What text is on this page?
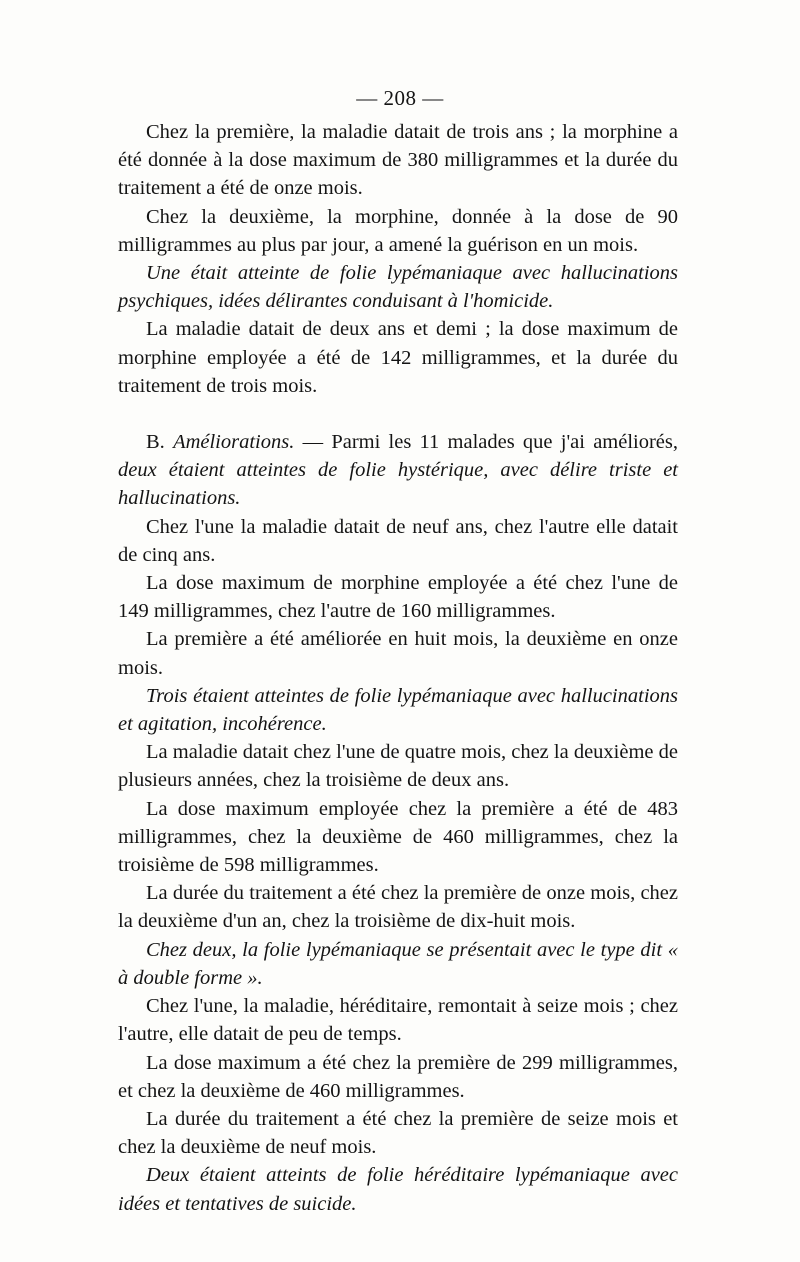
— 208 —

Chez la première, la maladie datait de trois ans ; la morphine a été donnée à la dose maximum de 380 milligrammes et la durée du traitement a été de onze mois.

Chez la deuxième, la morphine, donnée à la dose de 90 milligrammes au plus par jour, a amené la guérison en un mois.

Une était atteinte de folie lypémaniaque avec hallucinations psychiques, idées délirantes conduisant à l'homicide.

La maladie datait de deux ans et demi ; la dose maximum de morphine employée a été de 142 milligrammes, et la durée du traitement de trois mois.

B. Améliorations. — Parmi les 11 malades que j'ai améliorés, deux étaient atteintes de folie hystérique, avec délire triste et hallucinations.

Chez l'une la maladie datait de neuf ans, chez l'autre elle datait de cinq ans.

La dose maximum de morphine employée a été chez l'une de 149 milligrammes, chez l'autre de 160 milligrammes.

La première a été améliorée en huit mois, la deuxième en onze mois.

Trois étaient atteintes de folie lypémaniaque avec hallucinations et agitation, incohérence.

La maladie datait chez l'une de quatre mois, chez la deuxième de plusieurs années, chez la troisième de deux ans.

La dose maximum employée chez la première a été de 483 milligrammes, chez la deuxième de 460 milligrammes, chez la troisième de 598 milligrammes.

La durée du traitement a été chez la première de onze mois, chez la deuxième d'un an, chez la troisième de dix-huit mois.

Chez deux, la folie lypémaniaque se présentait avec le type dit « à double forme ».

Chez l'une, la maladie, héréditaire, remontait à seize mois ; chez l'autre, elle datait de peu de temps.

La dose maximum a été chez la première de 299 milligrammes, et chez la deuxième de 460 milligrammes.

La durée du traitement a été chez la première de seize mois et chez la deuxième de neuf mois.

Deux étaient atteints de folie héréditaire lypémaniaque avec idées et tentatives de suicide.
